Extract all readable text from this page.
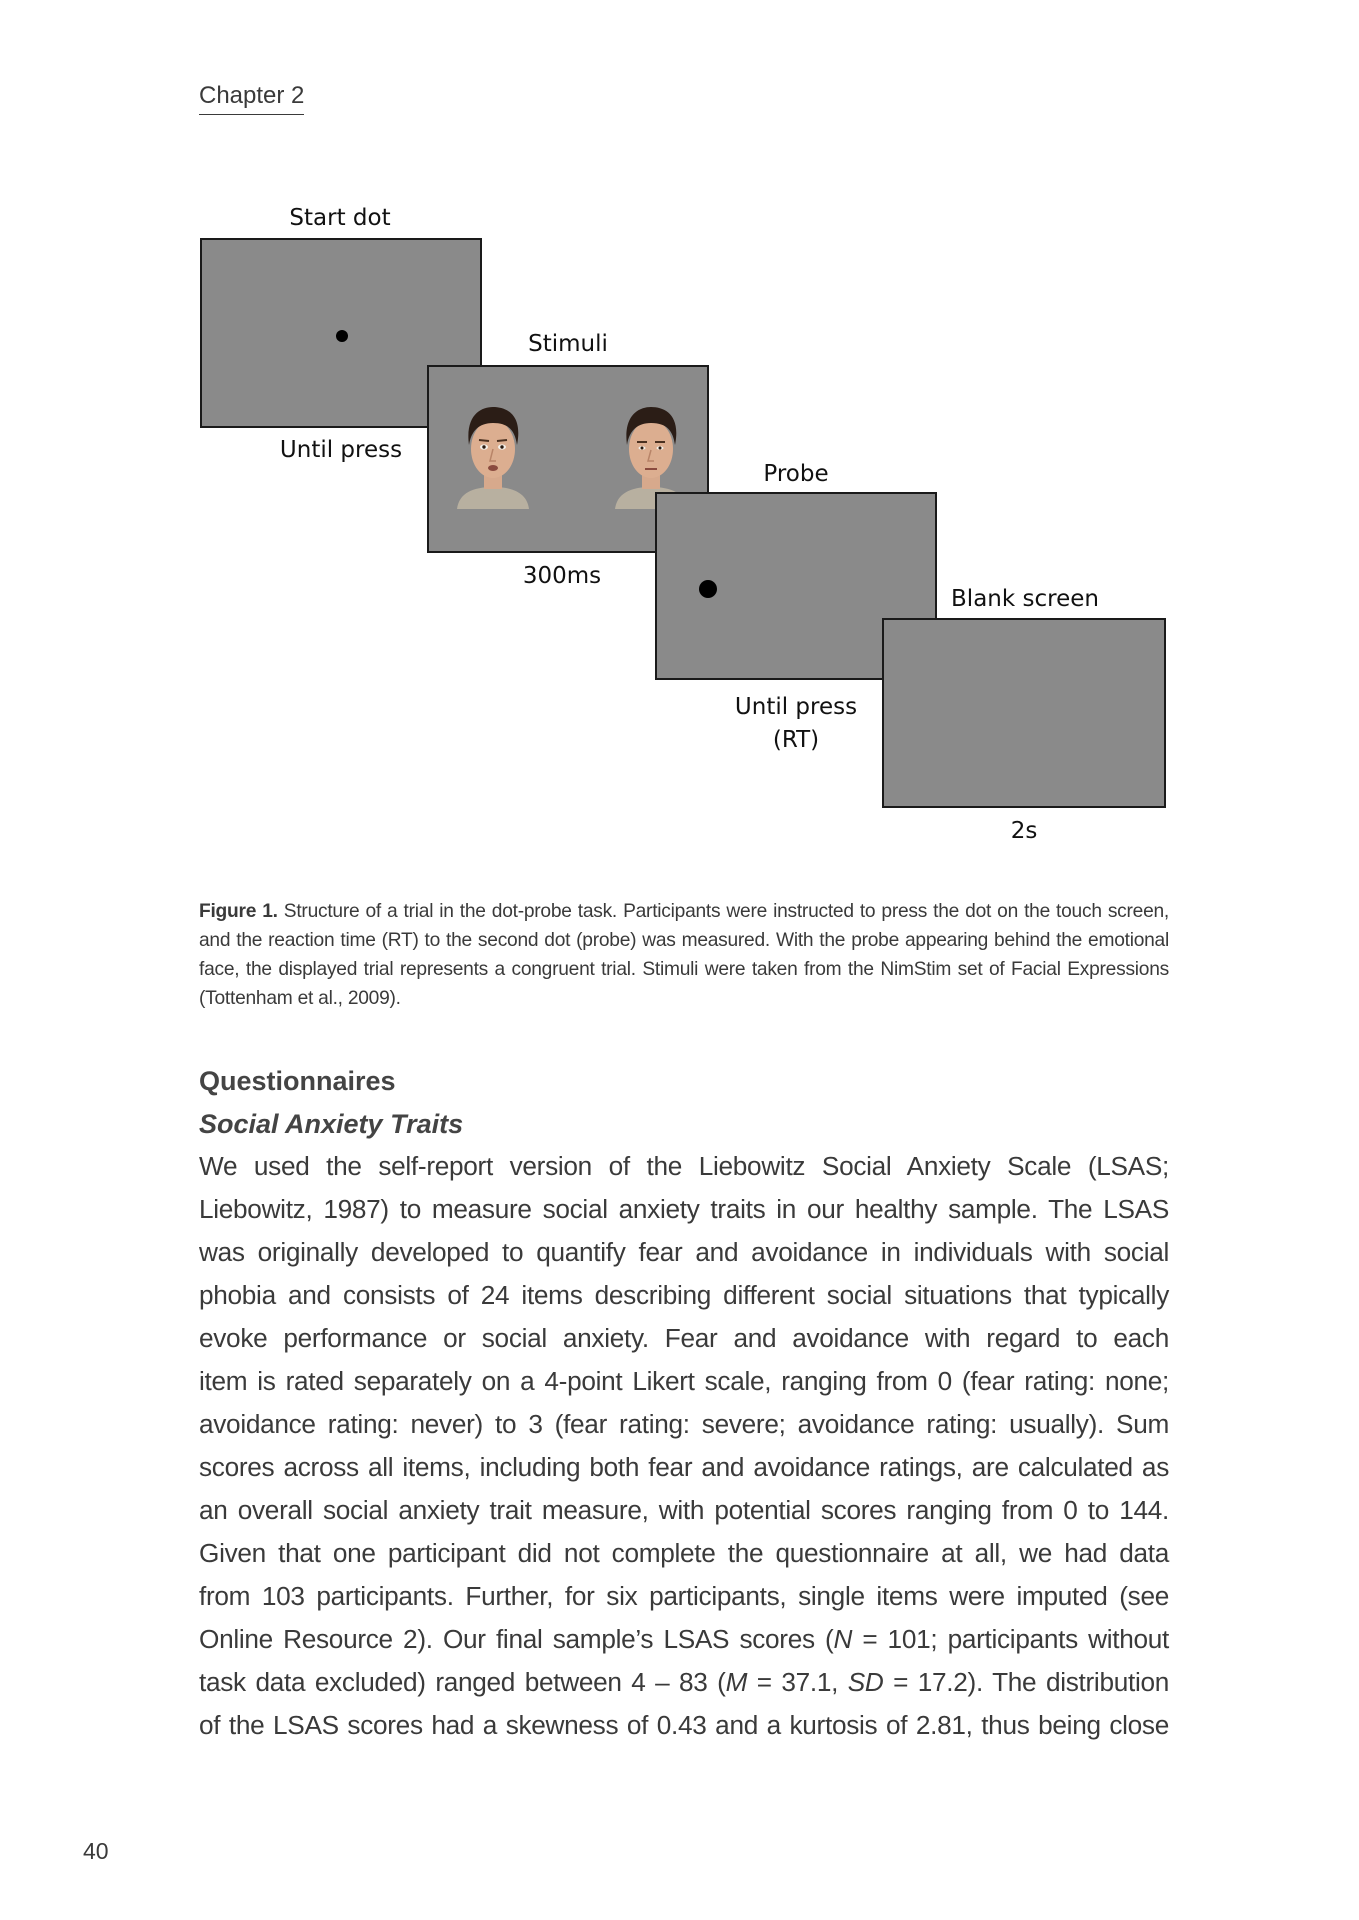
Chapter 2
Start dot
Until press
Stimuli
300ms
Probe
Until press
(RT)
Blank screen
2s
Figure 1. Structure of a trial in the dot-probe task. Participants were instructed to press the dot on the touch screen, and the reaction time (RT) to the second dot (probe) was measured. With the probe appearing behind the emotional face, the displayed trial represents a congruent trial. Stimuli were taken from the NimStim set of Facial Expressions (Tottenham et al., 2009).
Questionnaires
Social Anxiety Traits
We used the self-report version of the Liebowitz Social Anxiety Scale (LSAS;
Liebowitz, 1987) to measure social anxiety traits in our healthy sample. The LSAS
was originally developed to quantify fear and avoidance in individuals with social
phobia and consists of 24 items describing different social situations that typically
evoke performance or social anxiety. Fear and avoidance with regard to each
item is rated separately on a 4-point Likert scale, ranging from 0 (fear rating: none;
avoidance rating: never) to 3 (fear rating: severe; avoidance rating: usually). Sum
scores across all items, including both fear and avoidance ratings, are calculated as
an overall social anxiety trait measure, with potential scores ranging from 0 to 144.
Given that one participant did not complete the questionnaire at all, we had data
from 103 participants. Further, for six participants, single items were imputed (see
Online Resource 2). Our final sample’s LSAS scores (N = 101; participants without
task data excluded) ranged between 4 – 83 (M = 37.1, SD = 17.2). The distribution
of the LSAS scores had a skewness of 0.43 and a kurtosis of 2.81, thus being close
40
